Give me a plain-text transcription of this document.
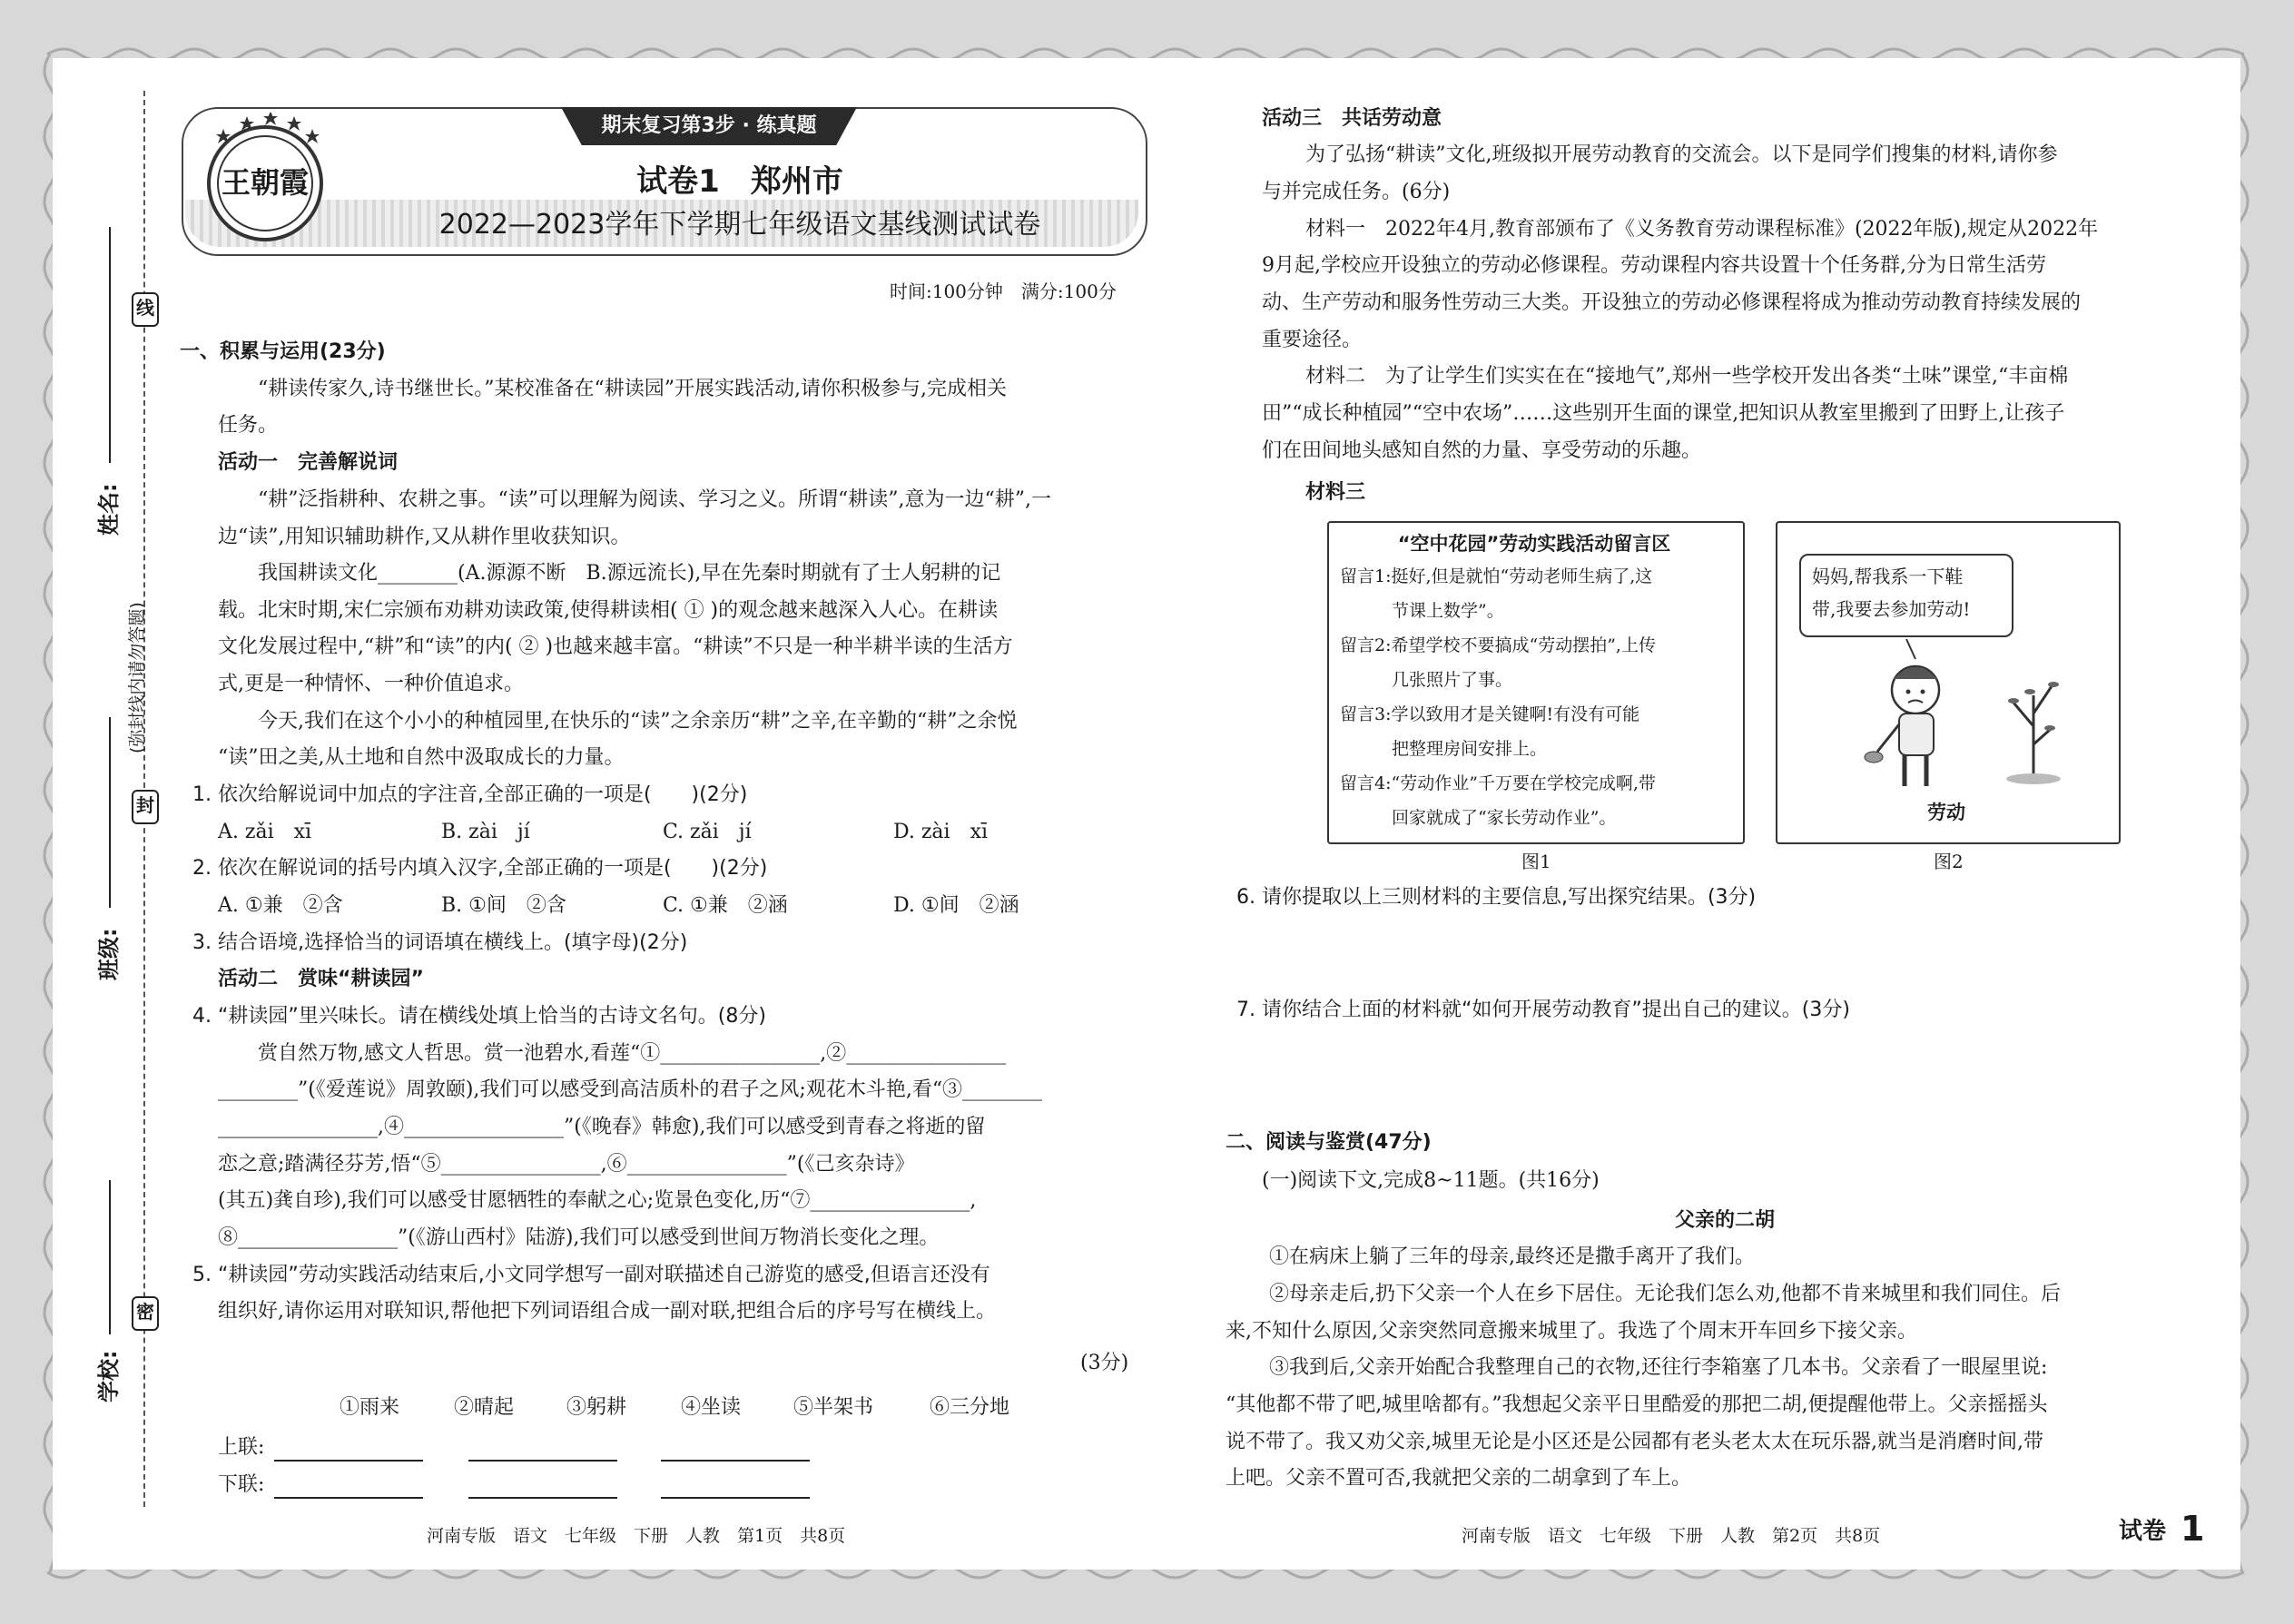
线
封
密
姓名:
班级:
学校:
(弥封线内请勿答题)
王朝霞
期末复习第3步 · 练真题
试卷1　郑州市
2022—2023学年下学期七年级语文基线测试试卷
时间:100分钟　满分:100分
一、积累与运用(23分)
“耕读传家久,诗书继世长。”某校准备在“耕读园”开展实践活动,请你积极参与,完成相关
任务。
活动一　完善解说词
“耕”泛指耕种、农耕之事。“读”可以理解为阅读、学习之义。所谓“耕读”,意为一边“耕”,一
边“读”,用知识辅助耕作,又从耕作里收获知识。
我国耕读文化________(A.源源不断　B.源远流长),早在先秦时期就有了士人躬耕的记
载。北宋时期,宋仁宗颁布劝耕劝读政策,使得耕读相( ① )的观念越来越深入人心。在耕读
文化发展过程中,“耕”和“读”的内( ② )也越来越丰富。“耕读”不只是一种半耕半读的生活方
式,更是一种情怀、一种价值追求。
今天,我们在这个小小的种植园里,在快乐的“读”之余亲历“耕”之辛,在辛勤的“耕”之余悦
“读”田之美,从土地和自然中汲取成长的力量。
1. 依次给解说词中加点的字注音,全部正确的一项是(　　)(2分)
A. zǎi　xī	B. zài　jí	C. zǎi　jí	D. zài　xī
2. 依次在解说词的括号内填入汉字,全部正确的一项是(　　)(2分)
A. ①兼　②含	B. ①间　②含	C. ①兼　②涵	D. ①间　②涵
3. 结合语境,选择恰当的词语填在横线上。(填字母)(2分)
活动二　赏味“耕读园”
4. “耕读园”里兴味长。请在横线处填上恰当的古诗文名句。(8分)
赏自然万物,感文人哲思。赏一池碧水,看莲“①________________,②________________
________”(《爱莲说》周敦颐),我们可以感受到高洁质朴的君子之风;观花木斗艳,看“③________
________________,④________________”(《晚春》韩愈),我们可以感受到青春之将逝的留
恋之意;踏满径芬芳,悟“⑤________________,⑥________________”(《己亥杂诗》
(其五)龚自珍),我们可以感受甘愿牺牲的奉献之心;览景色变化,历“⑦________________,
⑧________________”(《游山西村》陆游),我们可以感受到世间万物消长变化之理。
5. “耕读园”劳动实践活动结束后,小文同学想写一副对联描述自己游览的感受,但语言还没有
组织好,请你运用对联知识,帮他把下列词语组合成一副对联,把组合后的序号写在横线上。
(3分)
①雨来	②晴起	③躬耕	④坐读	⑤半架书	⑥三分地
上联:
下联:
河南专版　语文　七年级　下册　人教　第1页　共8页
活动三　共话劳动意
为了弘扬“耕读”文化,班级拟开展劳动教育的交流会。以下是同学们搜集的材料,请你参
与并完成任务。(6分)
材料一　2022年4月,教育部颁布了《义务教育劳动课程标准》(2022年版),规定从2022年
9月起,学校应开设独立的劳动必修课程。劳动课程内容共设置十个任务群,分为日常生活劳
动、生产劳动和服务性劳动三大类。开设独立的劳动必修课程将成为推动劳动教育持续发展的
重要途径。
材料二　为了让学生们实实在在“接地气”,郑州一些学校开发出各类“土味”课堂,“丰亩棉
田”“成长种植园”“空中农场”……这些别开生面的课堂,把知识从教室里搬到了田野上,让孩子
们在田间地头感知自然的力量、享受劳动的乐趣。
材料三
“空中花园”劳动实践活动留言区
留言1:挺好,但是就怕“劳动老师生病了,这
　　　节课上数学”。
留言2:希望学校不要搞成“劳动摆拍”,上传
　　　几张照片了事。
留言3:学以致用才是关键啊!有没有可能
　　　把整理房间安排上。
留言4:“劳动作业”千万要在学校完成啊,带
　　　回家就成了“家长劳动作业”。
图1
妈妈,帮我系一下鞋
带,我要去参加劳动!
劳动
图2
6. 请你提取以上三则材料的主要信息,写出探究结果。(3分)
7. 请你结合上面的材料就“如何开展劳动教育”提出自己的建议。(3分)
二、阅读与鉴赏(47分)
(一)阅读下文,完成8~11题。(共16分)
父亲的二胡
①在病床上躺了三年的母亲,最终还是撒手离开了我们。
②母亲走后,扔下父亲一个人在乡下居住。无论我们怎么劝,他都不肯来城里和我们同住。后
来,不知什么原因,父亲突然同意搬来城里了。我选了个周末开车回乡下接父亲。
③我到后,父亲开始配合我整理自己的衣物,还往行李箱塞了几本书。父亲看了一眼屋里说:
“其他都不带了吧,城里啥都有。”我想起父亲平日里酷爱的那把二胡,便提醒他带上。父亲摇摇头
说不带了。我又劝父亲,城里无论是小区还是公园都有老头老太太在玩乐器,就当是消磨时间,带
上吧。父亲不置可否,我就把父亲的二胡拿到了车上。
河南专版　语文　七年级　下册　人教　第2页　共8页	试卷 1
